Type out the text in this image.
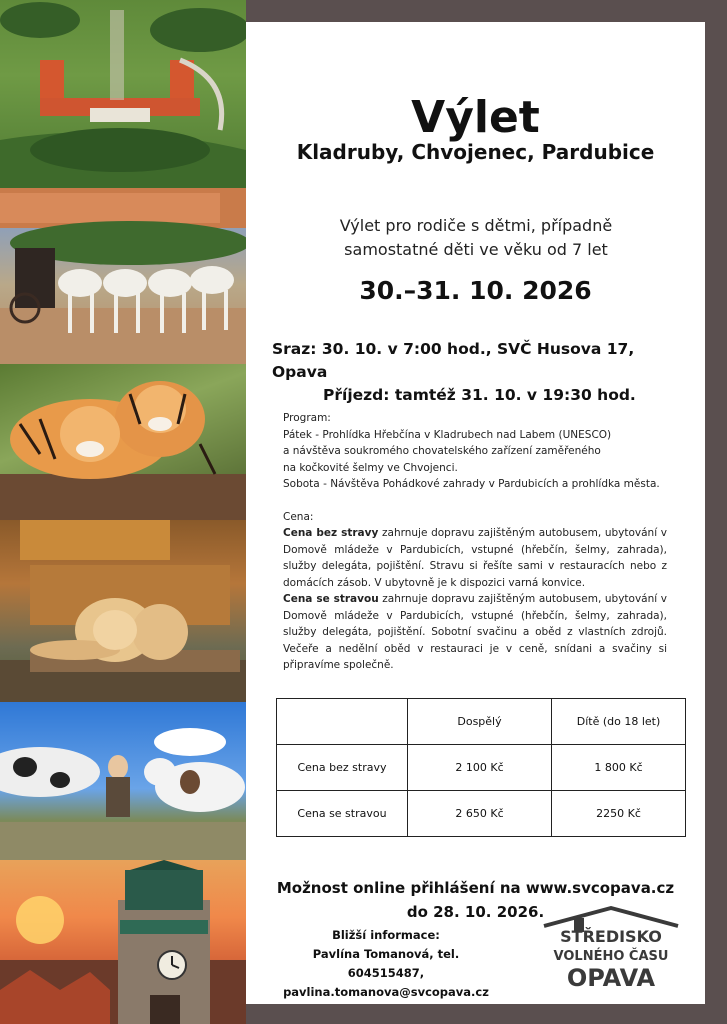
Výlet
Kladruby, Chvojenec, Pardubice
Výlet pro rodiče s dětmi, případně
samostatné děti ve věku od 7 let
30.–31. 10. 2026
Sraz: 30. 10. v 7:00 hod., SVČ Husova 17, Opava
Příjezd: tamtéž 31. 10. v 19:30 hod.

Program:

Pátek - Prohlídka Hřebčína v Kladrubech nad Labem (UNESCO)

a návštěva soukromého chovatelského zařízení zaměřeného

na kočkovité šelmy ve Chvojenci.

Sobota - Návštěva Pohádkové zahrady v Pardubicích a prohlídka města.

Cena:

Cena bez stravy zahrnuje dopravu zajištěným autobusem, ubytování v Domově mládeže v Pardubicích, vstupné (hřebčín, šelmy, zahrada), služby delegáta, pojištění. Stravu si řešíte sami v restauracích nebo z domácích zásob. V ubytovně je k dispozici varná konvice.

Cena se stravou zahrnuje dopravu zajištěným autobusem, ubytování v Domově mládeže v Pardubicích, vstupné (hřebčín, šelmy, zahrada), služby delegáta, pojištění. Sobotní svačinu a oběd z vlastních zdrojů. Večeře a nedělní oběd v restauraci je v ceně, snídani a svačiny si připravíme společně.

	Dospělý	Dítě (do 18 let)
Cena bez stravy	2 100 Kč	1 800 Kč
Cena se stravou	2 650 Kč	2250 Kč
Možnost online přihlášení na www.svcopava.cz
do 28. 10. 2026.
Bližší informace:
Pavlína Tomanová, tel. 604515487,
pavlina.tomanova@svcopava.cz
STŘEDISKO
VOLNÉHO ČASU
OPAVA
